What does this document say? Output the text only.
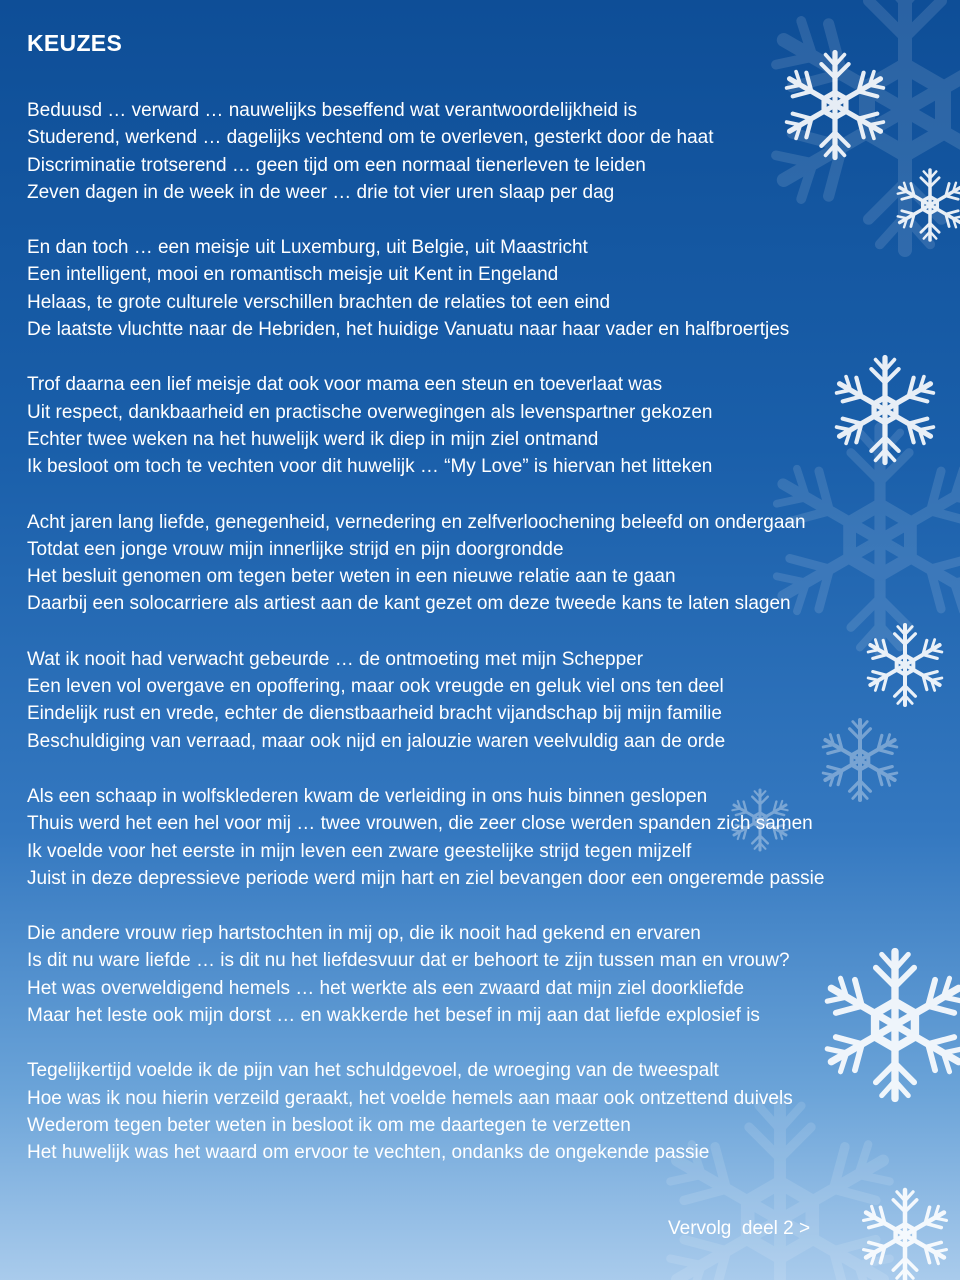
KEUZES
Beduusd … verward … nauwelijks beseffend wat verantwoordelijkheid is
Studerend, werkend … dagelijks vechtend om te overleven, gesterkt door de haat
Discriminatie trotserend … geen tijd om een normaal tienerleven te leiden
Zeven dagen in de week in de weer … drie tot vier uren slaap per dag
En dan toch … een meisje uit Luxemburg, uit Belgie, uit Maastricht
Een intelligent, mooi en romantisch meisje uit Kent in Engeland
Helaas, te grote culturele verschillen brachten de relaties tot een eind
De laatste vluchtte naar de Hebriden, het huidige Vanuatu naar haar vader en halfbroertjes
Trof daarna een lief meisje dat ook voor mama een steun en toeverlaat was
Uit respect, dankbaarheid en practische overwegingen als levenspartner gekozen
Echter twee weken na het huwelijk werd ik diep in mijn ziel ontmand
Ik besloot om toch te vechten voor dit huwelijk … “My Love” is hiervan het litteken
Acht jaren lang liefde, genegenheid, vernedering en zelfverloochening beleefd on ondergaan
Totdat een jonge vrouw mijn innerlijke strijd en pijn doorgrondde
Het besluit genomen om tegen beter weten in een nieuwe relatie aan te gaan
Daarbij een solocarriere als artiest aan de kant gezet om deze tweede kans te laten slagen
Wat ik nooit had verwacht gebeurde … de ontmoeting met mijn Schepper
Een leven vol overgave en opoffering, maar ook vreugde en geluk viel ons ten deel
Eindelijk rust en vrede, echter de dienstbaarheid bracht vijandschap bij mijn familie
Beschuldiging van verraad, maar ook nijd en jalouzie waren veelvuldig aan de orde
Als een schaap in wolfsklederen kwam de verleiding in ons huis binnen geslopen
Thuis werd het een hel voor mij … twee vrouwen, die zeer close werden spanden zich samen
Ik voelde voor het eerste in mijn leven een zware geestelijke strijd tegen mijzelf
Juist in deze depressieve periode werd mijn hart en ziel bevangen door een ongeremde passie
Die andere vrouw riep hartstochten in mij op, die ik nooit had gekend en ervaren
Is dit nu ware liefde … is dit nu het liefdesvuur dat er behoort te zijn tussen man en vrouw?
Het was overweldigend hemels … het werkte als een zwaard dat mijn ziel doorkliefde
Maar het leste ook mijn dorst … en wakkerde het besef in mij aan dat liefde explosief is
Tegelijkertijd voelde ik de pijn van het schuldgevoel, de wroeging van de tweespalt
Hoe was ik nou hierin verzeild geraakt, het voelde hemels aan maar ook ontzettend duivels
Wederom tegen beter weten in besloot ik om me daartegen te verzetten
Het huwelijk was het waard om ervoor te vechten, ondanks de ongekende passie
Vervolg  deel 2 >
